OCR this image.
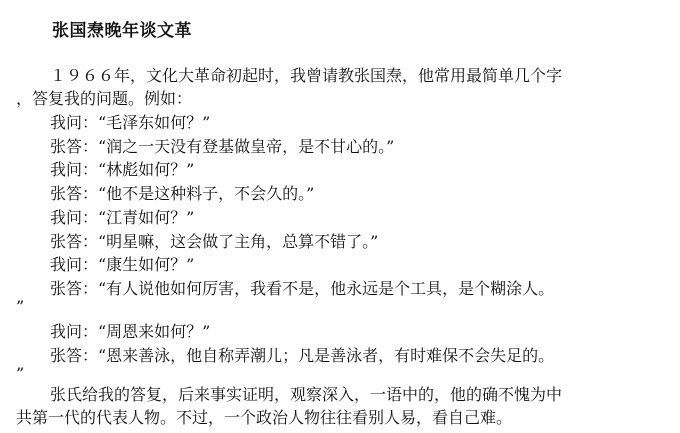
张国焘晚年谈文革
１９６６年，文化大革命初起时，我曾请教张国焘，他常用最简单几个字
，答复我的问题。例如：
我问：“毛泽东如何？”
张答：“润之一天没有登基做皇帝，是不甘心的。”
我问：“林彪如何？”
张答：“他不是这种料子，不会久的。”
我问：“江青如何？”
张答：“明星嘛，这会做了主角，总算不错了。”
我问：“康生如何？”
张答：“有人说他如何厉害，我看不是，他永远是个工具，是个糊涂人。
”
我问：“周恩来如何？”
张答：“恩来善泳，他自称弄潮儿；凡是善泳者，有时难保不会失足的。
”
张氏给我的答复，后来事实证明，观察深入，一语中的，他的确不愧为中
共第一代的代表人物。不过，一个政治人物往往看别人易，看自己难。
